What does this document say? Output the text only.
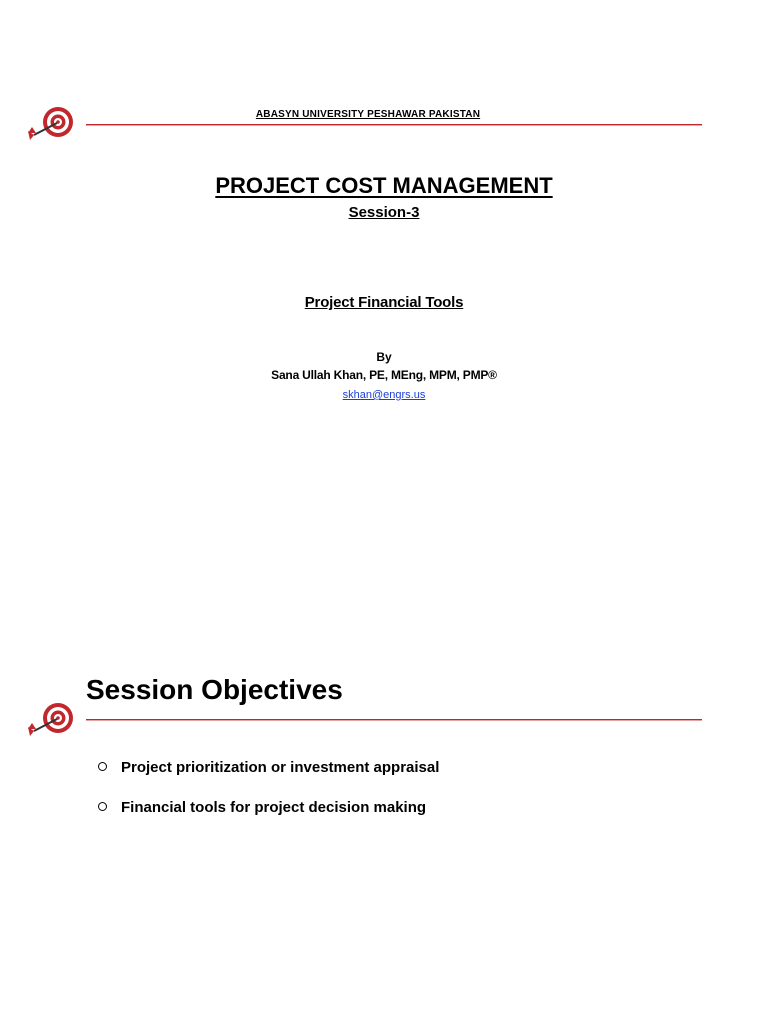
ABASYN UNIVERSITY PESHAWAR PAKISTAN
PROJECT COST MANAGEMENT
Session-3
Project Financial Tools
By
Sana Ullah Khan, PE, MEng, MPM, PMP®
skhan@engrs.us
Session Objectives
Project prioritization or investment appraisal
Financial tools for project decision making
